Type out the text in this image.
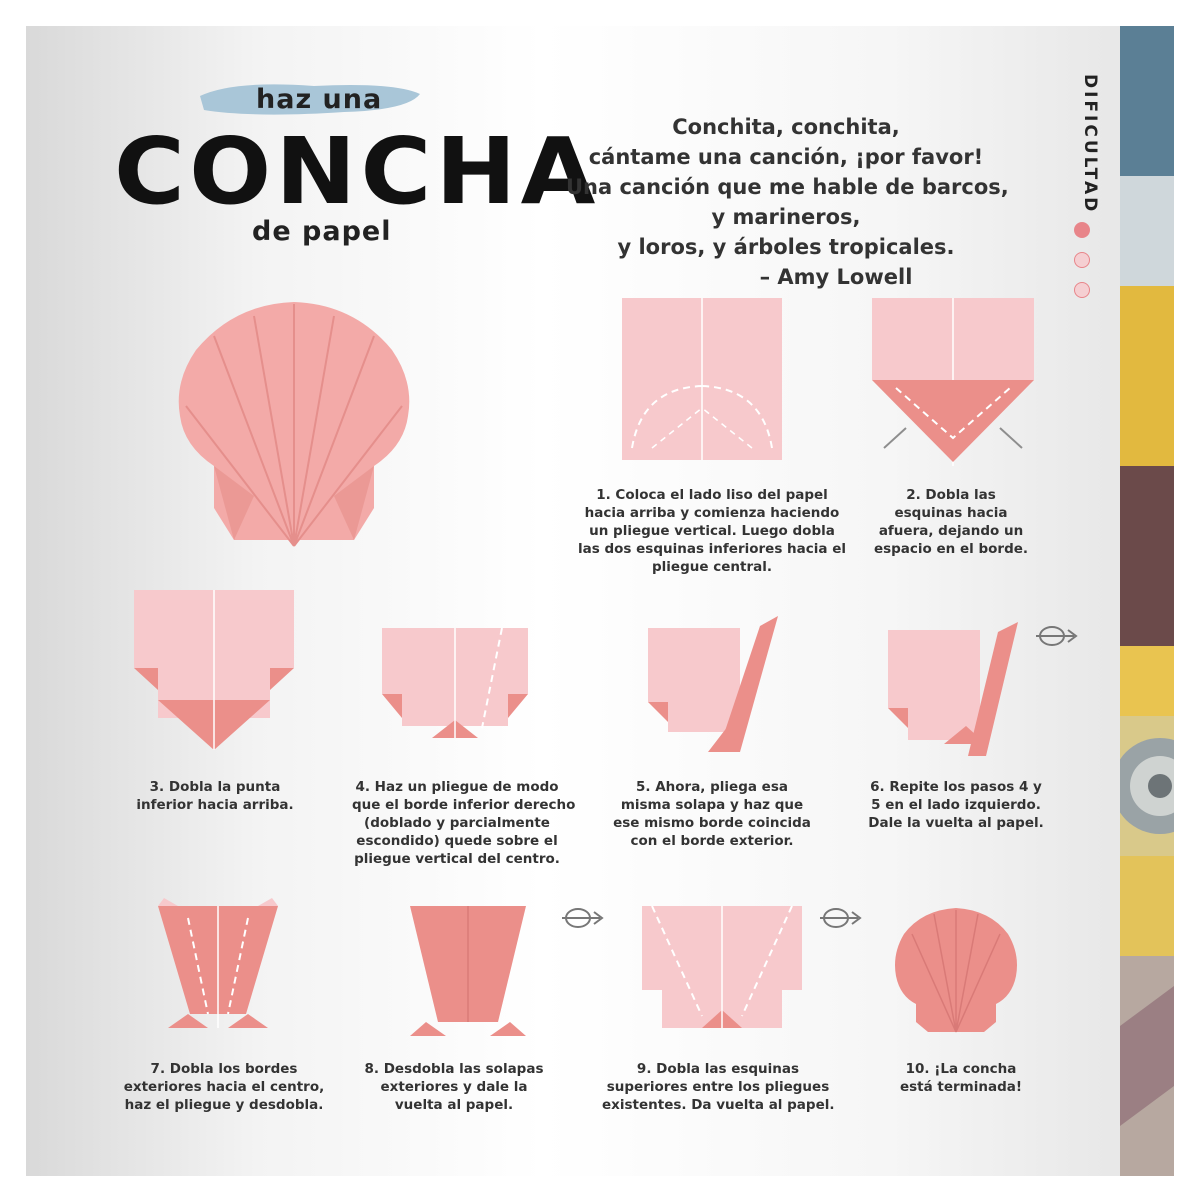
haz una
CONCHA
de papel
Conchita, conchita,
cántame una canción, ¡por favor!
Una canción que me hable de barcos,
y marineros,
y loros, y árboles tropicales.
– Amy Lowell
DIFICULTAD
1. Coloca el lado liso del papel
hacia arriba y comienza haciendo
un pliegue vertical. Luego dobla
las dos esquinas inferiores hacia el
pliegue central.
2. Dobla las
esquinas hacia
afuera, dejando un
espacio en el borde.
3. Dobla la punta
inferior hacia arriba.
4. Haz un pliegue de modo
que el borde inferior derecho
(doblado y parcialmente
escondido) quede sobre el
pliegue vertical del centro.
5. Ahora, pliega esa
misma solapa y haz que
ese mismo borde coincida
con el borde exterior.
6. Repite los pasos 4 y
5 en el lado izquierdo.
Dale la vuelta al papel.
7. Dobla los bordes
exteriores hacia el centro,
haz el pliegue y desdobla.
8. Desdobla las solapas
exteriores y dale la
vuelta al papel.
9. Dobla las esquinas
superiores entre los pliegues
existentes. Da vuelta al papel.
10. ¡La concha
está terminada!
